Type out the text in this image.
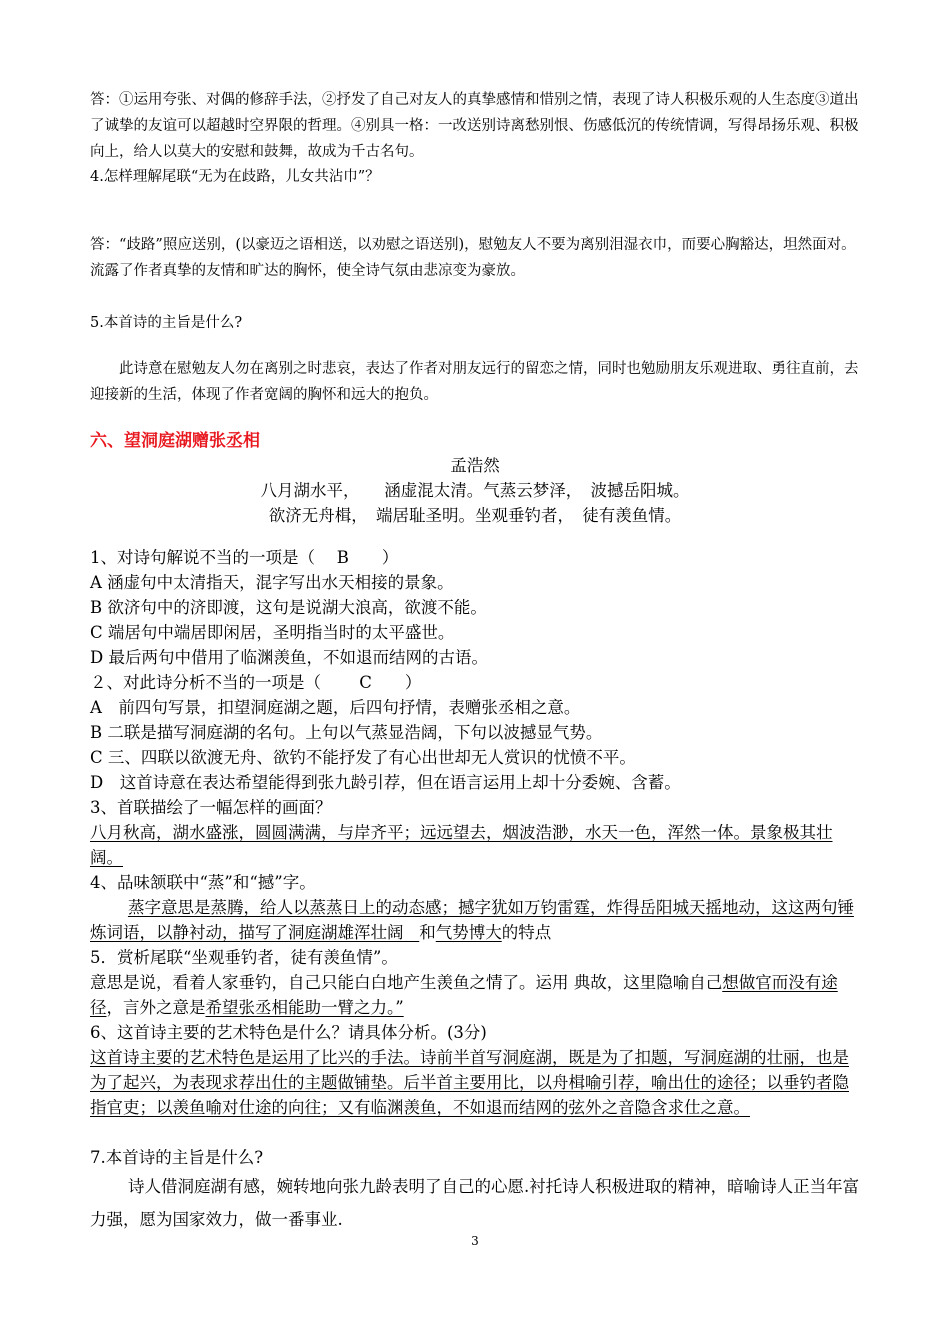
答：①运用夸张、对偶的修辞手法，②抒发了自己对友人的真挚感情和惜别之情，表现了诗人积极乐观的人生态度③道出了诚挚的友谊可以超越时空界限的哲理。④别具一格：一改送别诗离愁别恨、伤感低沉的传统情调，写得昂扬乐观、积极向上，给人以莫大的安慰和鼓舞，故成为千古名句。

4.怎样理解尾联“无为在歧路，儿女共沾巾”？

答：“歧路”照应送别，(以豪迈之语相送，以劝慰之语送别)，慰勉友人不要为离别泪湿衣巾，而要心胸豁达，坦然面对。流露了作者真挚的友情和旷达的胸怀，使全诗气氛由悲凉变为豪放。

5.本首诗的主旨是什么?

此诗意在慰勉友人勿在离别之时悲哀，表达了作者对朋友远行的留恋之情，同时也勉励朋友乐观进取、勇往直前，去迎接新的生活，体现了作者宽阔的胸怀和远大的抱负。

六、望洞庭湖赠张丞相

孟浩然

八月湖水平，　　涵虚混太清。气蒸云梦泽，　波撼岳阳城。

欲济无舟楫，　端居耻圣明。坐观垂钓者，　徒有羡鱼情。

1、对诗句解说不当的一项是（　 B　　）

A 涵虚句中太清指天，混字写出水天相接的景象。

B 欲济句中的济即渡，这句是说湖大浪高，欲渡不能。

C 端居句中端居即闲居，圣明指当时的太平盛世。

D 最后两句中借用了临渊羡鱼，不如退而结网的古语。

２、对此诗分析不当的一项是（　　 C　　）

A　前四句写景，扣望洞庭湖之题，后四句抒情，表赠张丞相之意。

B 二联是描写洞庭湖的名句。上句以气蒸显浩阔，下句以波撼显气势。

C 三、四联以欲渡无舟、欲钓不能抒发了有心出世却无人赏识的忧愤不平。

D　这首诗意在表达希望能得到张九龄引荐，但在语言运用上却十分委婉、含蓄。

3、首联描绘了一幅怎样的画面？

八月秋高，湖水盛涨，圆圆满满，与岸齐平；远远望去，烟波浩渺，水天一色，浑然一体。景象极其壮阔。

4、品味颔联中“蒸”和“撼”字。

蒸字意思是蒸腾，给人以蒸蒸日上的动态感；撼字犹如万钧雷霆，炸得岳阳城天摇地动，这这两句锤炼词语，以静衬动，描写了洞庭湖雄浑壮阔 和气势博大的特点

5．赏析尾联“坐观垂钓者，徒有羡鱼情”。

意思是说，看着人家垂钓，自己只能白白地产生羡鱼之情了。运用 典故，这里隐喻自己想做官而没有途径，言外之意是希望张丞相能助一臂之力。”

6、这首诗主要的艺术特色是什么？请具体分析。(3分)

这首诗主要的艺术特色是运用了比兴的手法。诗前半首写洞庭湖，既是为了扣题，写洞庭湖的壮丽，也是为了起兴，为表现求荐出仕的主题做铺垫。后半首主要用比，以舟楫喻引荐，喻出仕的途径；以垂钓者隐指官吏；以羡鱼喻对仕途的向往；又有临渊羡鱼，不如退而结网的弦外之音隐含求仕之意。

7.本首诗的主旨是什么?

诗人借洞庭湖有感，婉转地向张九龄表明了自己的心愿.衬托诗人积极进取的精神，暗喻诗人正当年富力强，愿为国家效力，做一番事业.

3
